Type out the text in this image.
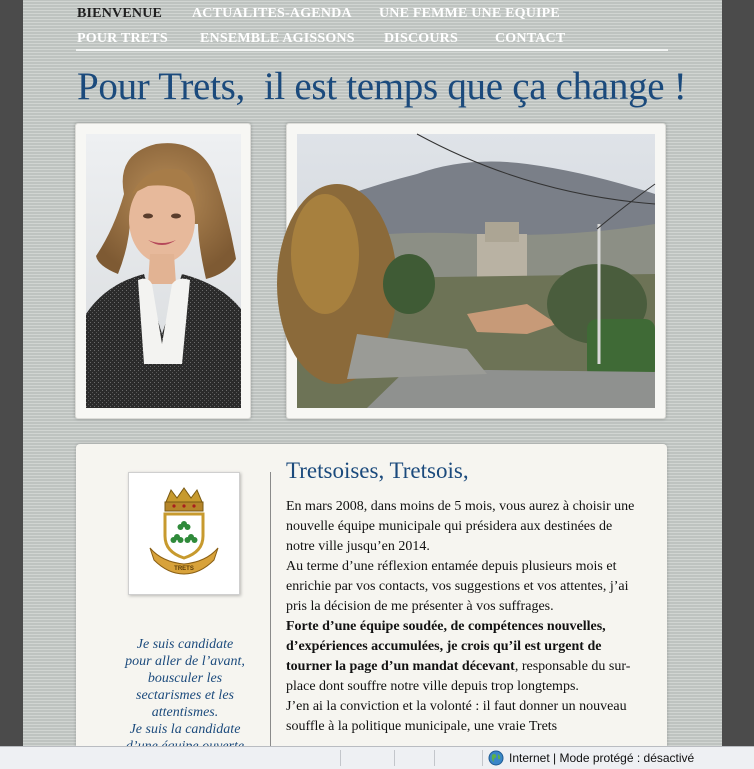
BIENVENUE ACTUALITES-AGENDA UNE FEMME UNE EQUIPE
POUR TRETS ENSEMBLE AGISSONS DISCOURS	CONTACT
Pour Trets,  il est temps que ça change !
TRETS

Je suis candidate

pour aller de l’avant,

bousculer les

sectarismes et les

attentismes.

Je suis la candidate

Tretsoises, Tretsois,

En mars 2008, dans moins de 5 mois, vous aurez à choisir une nouvelle équipe municipale qui présidera aux destinées de notre ville jusqu’en 2014.

Au terme d’une réflexion entamée depuis plusieurs mois et enrichie par vos contacts, vos suggestions et vos attentes, j’ai pris la décision de me présenter à vos suffrages.

Forte d’une équipe soudée, de compétences nouvelles, d’expériences accumulées, je crois qu’il est urgent de tourner la page d’un mandat décevant, responsable du sur-place dont souffre notre ville depuis trop longtemps.

J’en ai la conviction et la volonté : il faut donner un nouveau souffle à la politique municipale, une vraie Trets

Internet | Mode protégé : désactivé
